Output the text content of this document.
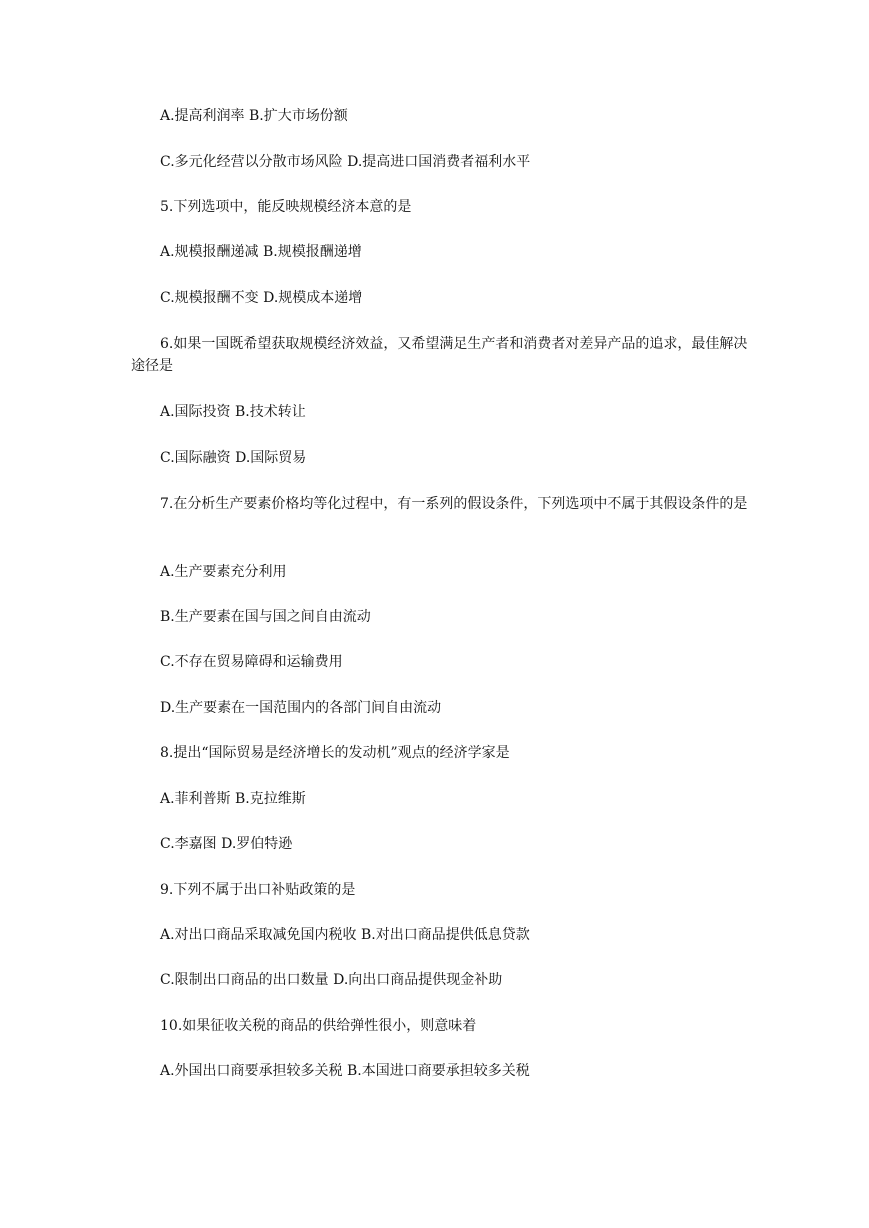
A.提高利润率 B.扩大市场份额
C.多元化经营以分散市场风险 D.提高进口国消费者福利水平
5.下列选项中，能反映规模经济本意的是
A.规模报酬递减 B.规模报酬递增
C.规模报酬不变 D.规模成本递增
6.如果一国既希望获取规模经济效益，又希望满足生产者和消费者对差异产品的追求，最佳解决途径是
A.国际投资 B.技术转让
C.国际融资 D.国际贸易
7.在分析生产要素价格均等化过程中，有一系列的假设条件，下列选项中不属于其假设条件的是
A.生产要素充分利用
B.生产要素在国与国之间自由流动
C.不存在贸易障碍和运输费用
D.生产要素在一国范围内的各部门间自由流动
8.提出“国际贸易是经济增长的发动机”观点的经济学家是
A.菲利普斯 B.克拉维斯
C.李嘉图 D.罗伯特逊
9.下列不属于出口补贴政策的是
A.对出口商品采取减免国内税收 B.对出口商品提供低息贷款
C.限制出口商品的出口数量 D.向出口商品提供现金补助
10.如果征收关税的商品的供给弹性很小，则意味着
A.外国出口商要承担较多关税 B.本国进口商要承担较多关税
